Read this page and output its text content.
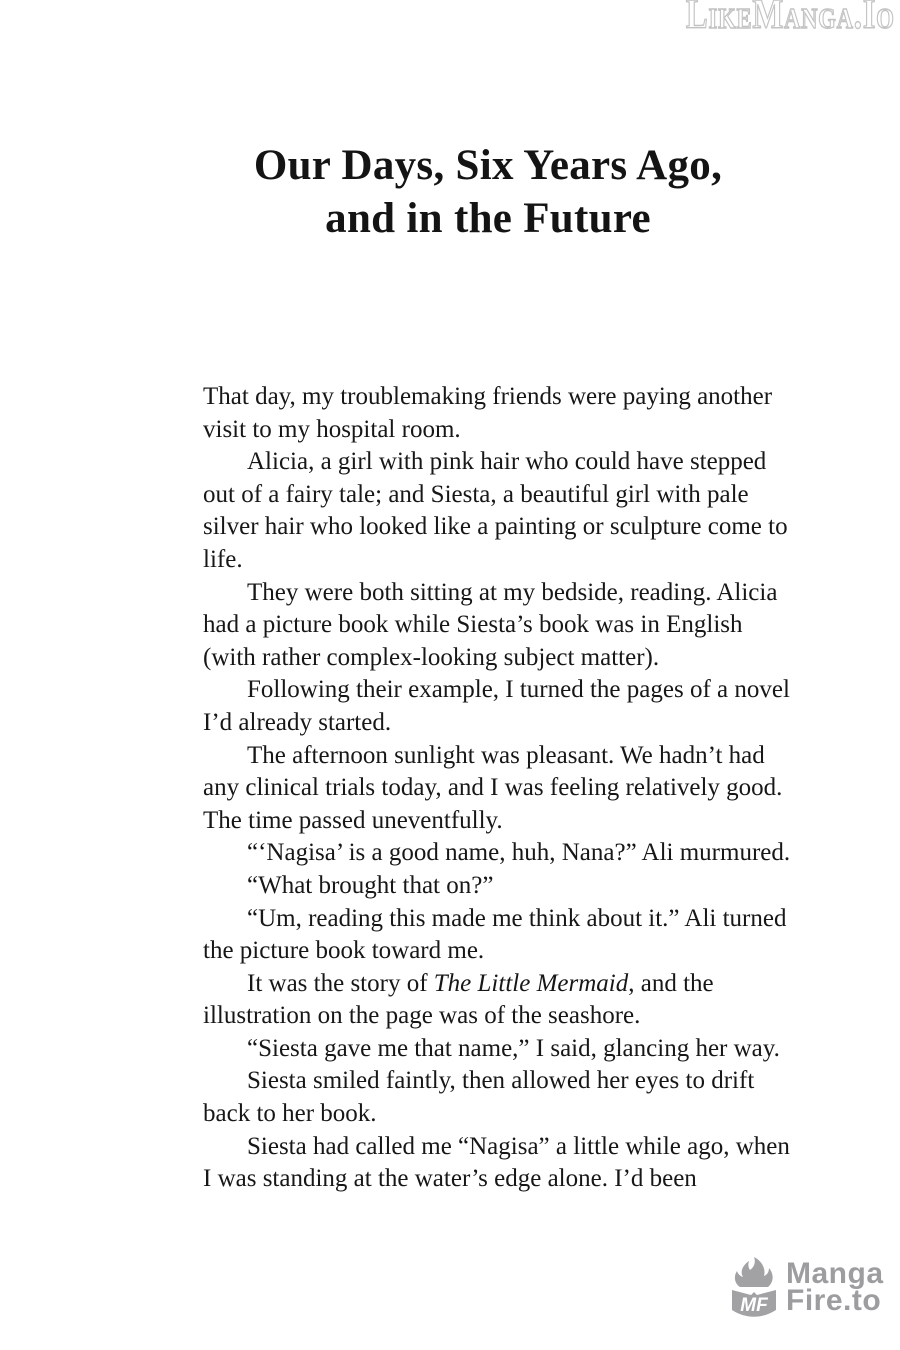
LikeManga.Io
Our Days, Six Years Ago,
and in the Future

That day, my troublemaking friends were paying another visit to my hospital room.

Alicia, a girl with pink hair who could have stepped out of a fairy tale; and Siesta, a beautiful girl with pale silver hair who looked like a painting or sculpture come to life.

They were both sitting at my bedside, reading. Alicia had a picture book while Siesta’s book was in English (with rather complex-looking subject matter).

Following their example, I turned the pages of a novel I’d already started.

The afternoon sunlight was pleasant. We hadn’t had any clinical trials today, and I was feeling relatively good. The time passed uneventfully.

“‘Nagisa’ is a good name, huh, Nana?” Ali murmured.

“What brought that on?”

“Um, reading this made me think about it.” Ali turned the picture book toward me.

It was the story of The Little Mermaid, and the illustration on the page was of the seashore.

“Siesta gave me that name,” I said, glancing her way.

Siesta smiled faintly, then allowed her eyes to drift back to her book.

Siesta had called me “Nagisa” a little while ago, when I was standing at the water’s edge alone. I’d been

MF
Manga
Fire.to
